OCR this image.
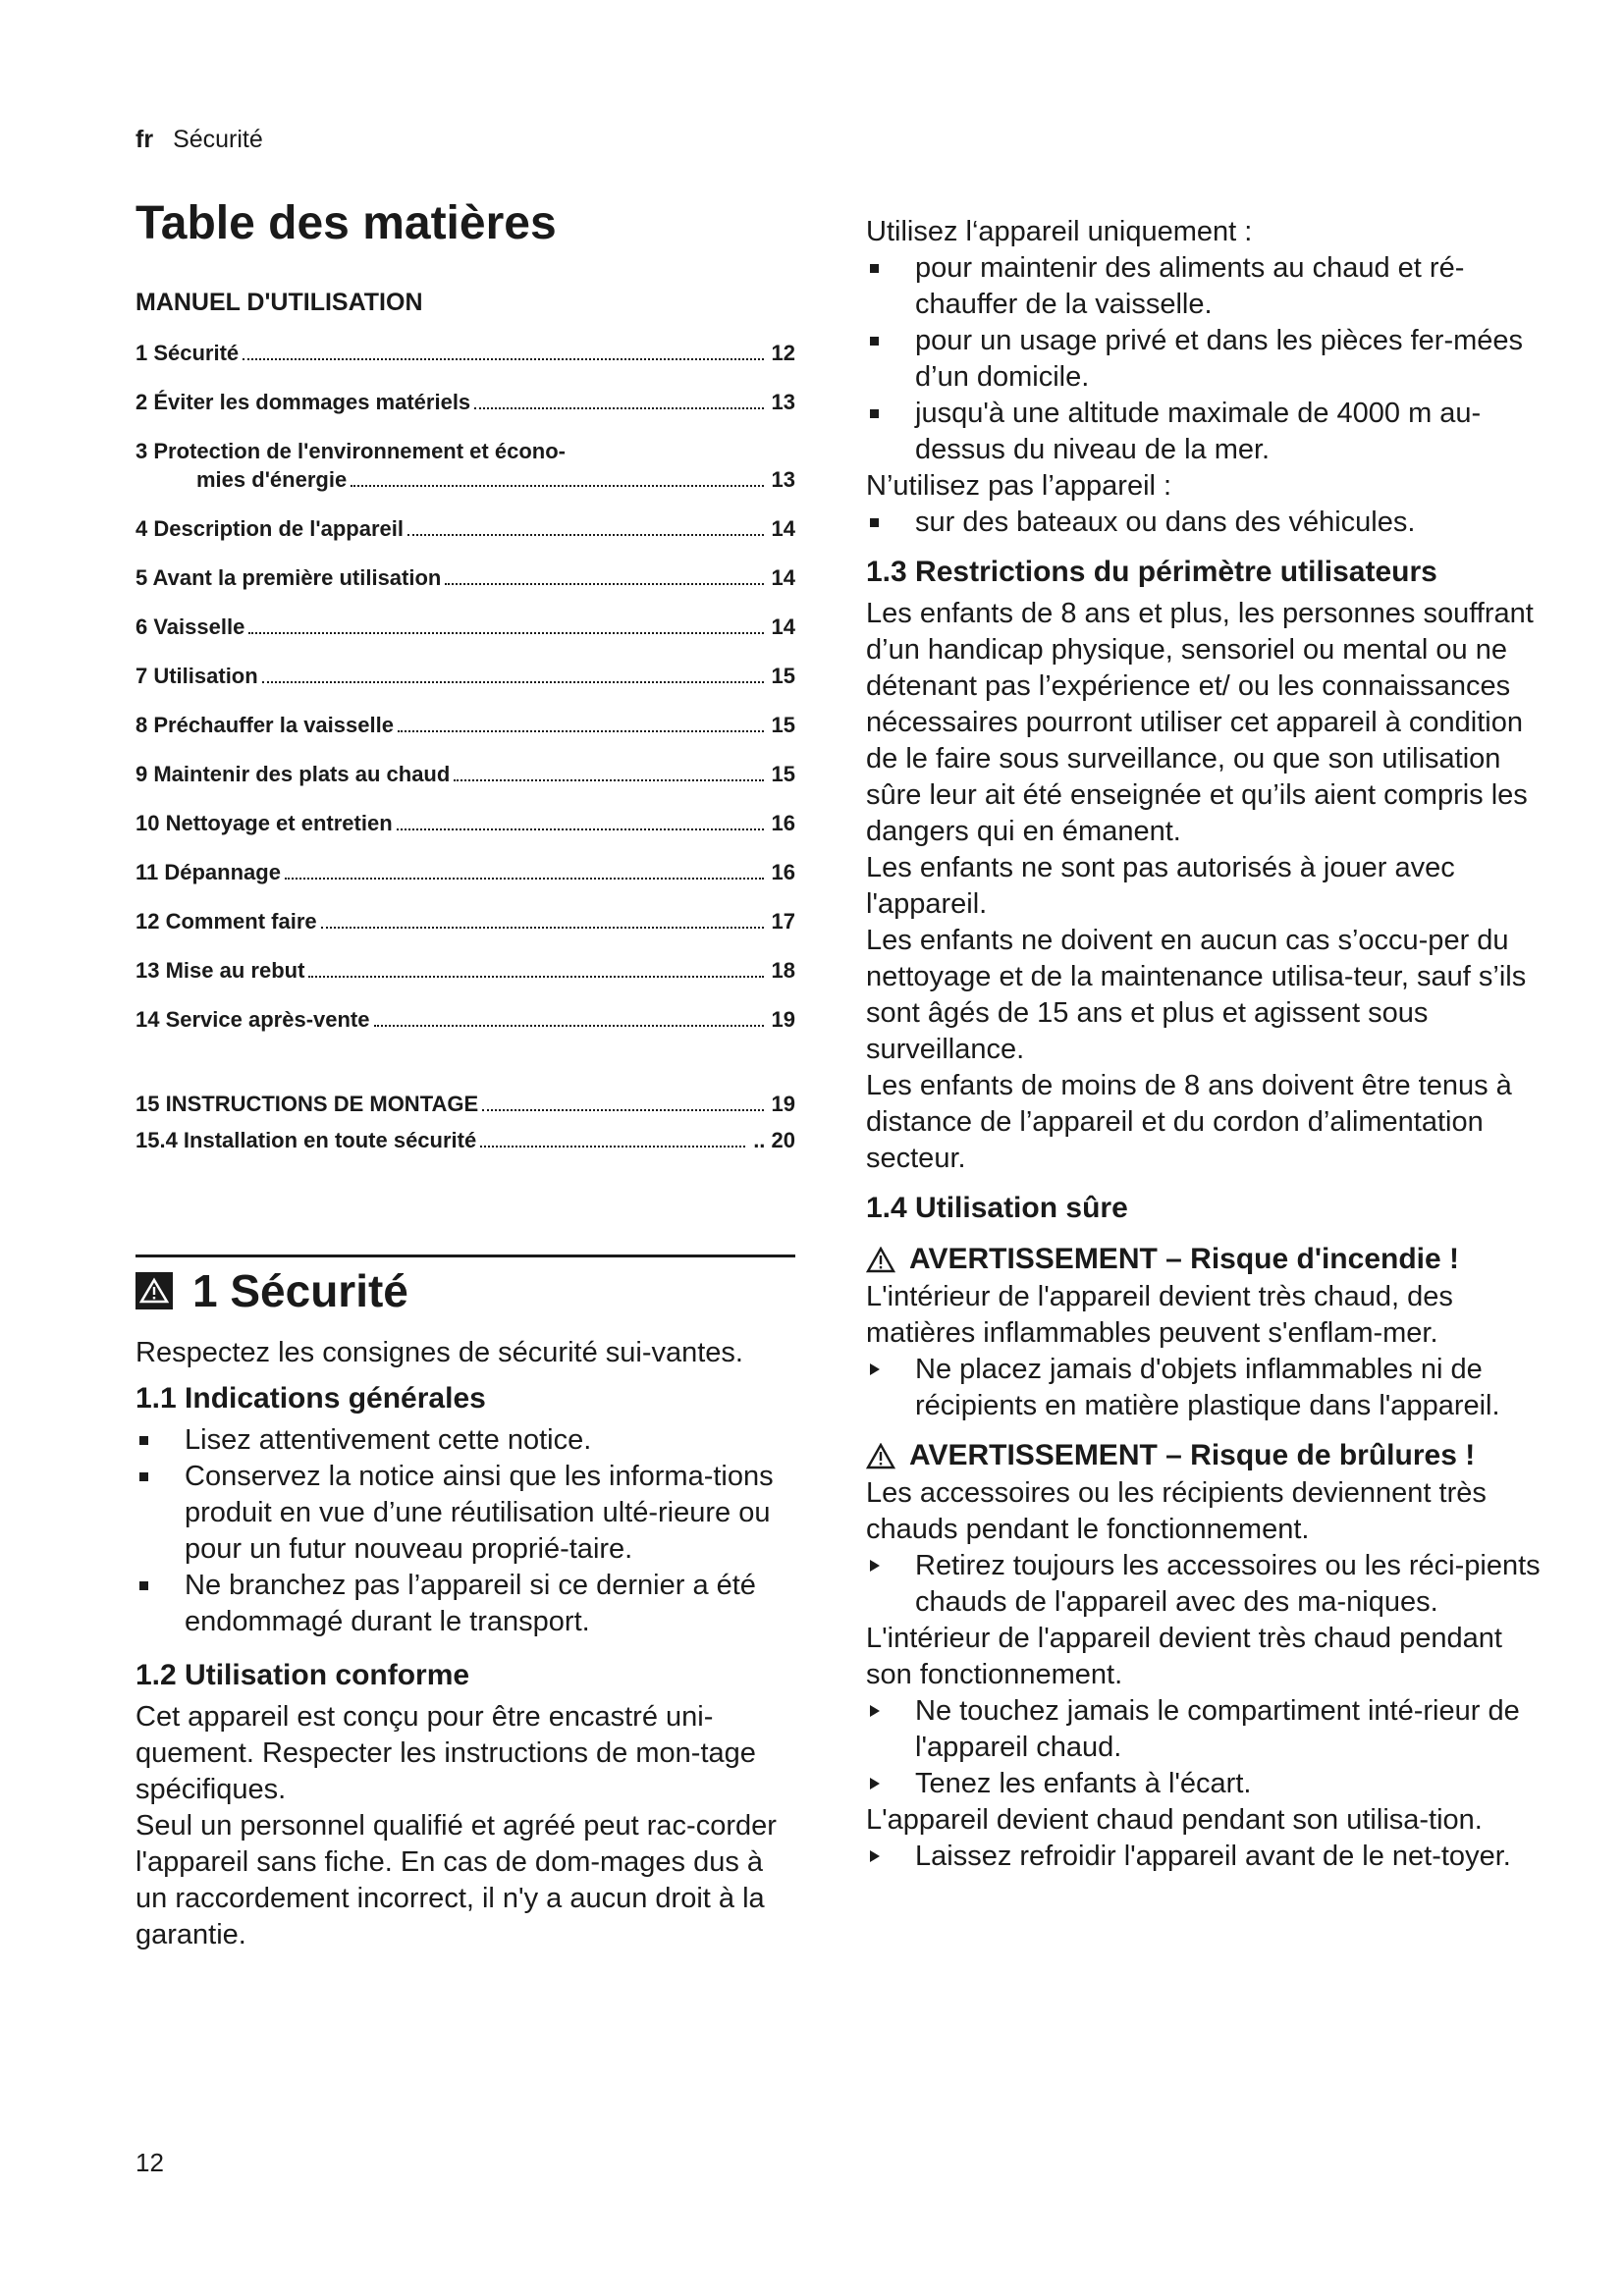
fr Sécurité
Table des matières
MANUEL D'UTILISATION
1 Sécurité	12
2 Éviter les dommages matériels	13
3 Protection de l'environnement et écono-
mies d'énergie	13
4 Description de l'appareil	14
5 Avant la première utilisation	14
6 Vaisselle	14
7 Utilisation	15
8 Préchauffer la vaisselle	15
9 Maintenir des plats au chaud	15
10 Nettoyage et entretien	16
11 Dépannage	16
12 Comment faire	17
13 Mise au rebut	18
14 Service après-vente	19
15 INSTRUCTIONS DE MONTAGE	19
15.4 Installation en toute sécurité	.. 20
1 Sécurité

Respectez les consignes de sécurité sui-vantes.

1.1 Indications générales
Lisez attentivement cette notice.
Conservez la notice ainsi que les informa-tions produit en vue d’une réutilisation ulté-rieure ou pour un futur nouveau proprié-taire.
Ne branchez pas l’appareil si ce dernier a été endommagé durant le transport.
1.2 Utilisation conforme

Cet appareil est conçu pour être encastré uni-quement. Respecter les instructions de mon-tage spécifiques.

Seul un personnel qualifié et agréé peut rac-corder l'appareil sans fiche. En cas de dom-mages dus à un raccordement incorrect, il n'y a aucun droit à la garantie.

Utilisez l‘appareil uniquement :

pour maintenir des aliments au chaud et ré-chauffer de la vaisselle.
pour un usage privé et dans les pièces fer-mées d’un domicile.
jusqu'à une altitude maximale de 4000 m au-dessus du niveau de la mer.

N’utilisez pas l’appareil :

sur des bateaux ou dans des véhicules.
1.3 Restrictions du périmètre utilisateurs

Les enfants de 8 ans et plus, les personnes souffrant d’un handicap physique, sensoriel ou mental ou ne détenant pas l’expérience et/ ou les connaissances nécessaires pourront utiliser cet appareil à condition de le faire sous surveillance, ou que son utilisation sûre leur ait été enseignée et qu’ils aient compris les dangers qui en émanent.

Les enfants ne sont pas autorisés à jouer avec l'appareil.

Les enfants ne doivent en aucun cas s’occu-per du nettoyage et de la maintenance utilisa-teur, sauf s’ils sont âgés de 15 ans et plus et agissent sous surveillance.

Les enfants de moins de 8 ans doivent être tenus à distance de l’appareil et du cordon d’alimentation secteur.

1.4 Utilisation sûre
AVERTISSEMENT – Risque d'incendie !

L'intérieur de l'appareil devient très chaud, des matières inflammables peuvent s'enflam-mer.

Ne placez jamais d'objets inflammables ni de récipients en matière plastique dans l'appareil.
AVERTISSEMENT – Risque de brûlures !

Les accessoires ou les récipients deviennent très chauds pendant le fonctionnement.

Retirez toujours les accessoires ou les réci-pients chauds de l'appareil avec des ma-niques.

L'intérieur de l'appareil devient très chaud pendant son fonctionnement.

Ne touchez jamais le compartiment inté-rieur de l'appareil chaud.
Tenez les enfants à l'écart.

L'appareil devient chaud pendant son utilisa-tion.

Laissez refroidir l'appareil avant de le net-toyer.
12
